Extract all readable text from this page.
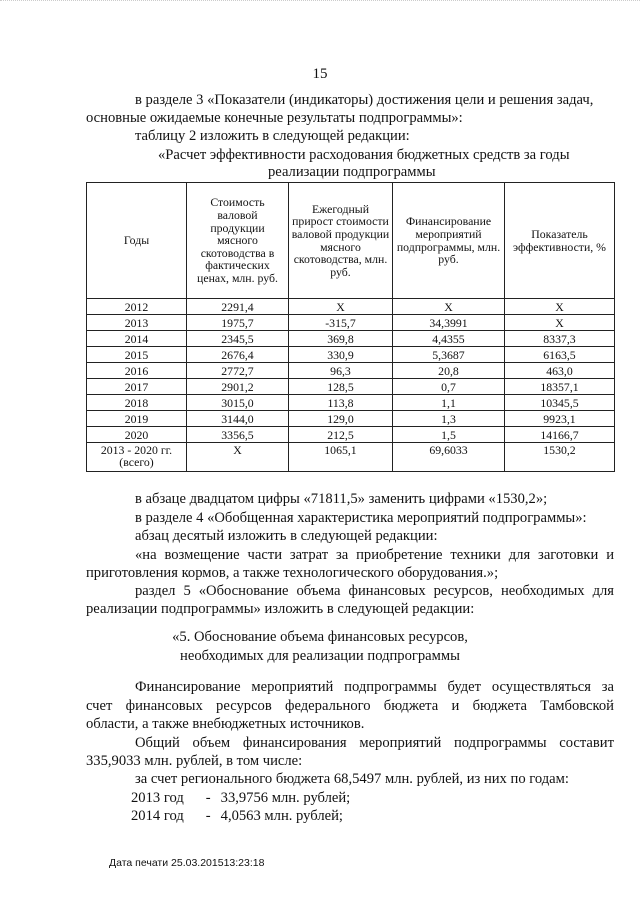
15
в разделе 3 «Показатели (индикаторы) достижения цели и решения задач,
основные ожидаемые конечные результаты подпрограммы»:
таблицу 2 изложить в следующей редакции:
«Расчет эффективности расходования бюджетных средств за годы
реализации подпрограммы
Годы	Стоимость валовой продукции мясного скотоводства в фактических ценах, млн. руб.	Ежегодный прирост стоимости валовой продукции мясного скотоводства, млн. руб.	Финансирование мероприятий подпрограммы, млн. руб.	Показатель эффективности, %
2012	2291,4	Х	Х	Х
2013	1975,7	-315,7	34,3991	Х
2014	2345,5	369,8	4,4355	8337,3
2015	2676,4	330,9	5,3687	6163,5
2016	2772,7	96,3	20,8	463,0
2017	2901,2	128,5	0,7	18357,1
2018	3015,0	113,8	1,1	10345,5
2019	3144,0	129,0	1,3	9923,1
2020	3356,5	212,5	1,5	14166,7
2013 - 2020 гг. (всего)	Х	1065,1	69,6033	1530,2
в абзаце двадцатом цифры «71811,5» заменить цифрами «1530,2»;
в разделе 4 «Обобщенная характеристика мероприятий подпрограммы»:
абзац десятый изложить в следующей редакции:
«на возмещение части затрат за приобретение техники для заготовки и
приготовления кормов, а также технологического оборудования.»;
раздел 5 «Обоснование объема финансовых ресурсов, необходимых для
реализации подпрограммы» изложить в следующей редакции:
«5. Обоснование объема финансовых ресурсов,
необходимых для реализации подпрограммы
Финансирование мероприятий подпрограммы будет осуществляться за
счет финансовых ресурсов федерального бюджета и бюджета Тамбовской
области, а также внебюджетных источников.
Общий объем финансирования мероприятий подпрограммы составит
335,9033 млн. рублей, в том числе:
за счет регионального бюджета 68,5497 млн. рублей, из них по годам:
2013 год - 33,9756 млн. рублей;
2014 год - 4,0563 млн. рублей;
Дата печати 25.03.201513:23:18
